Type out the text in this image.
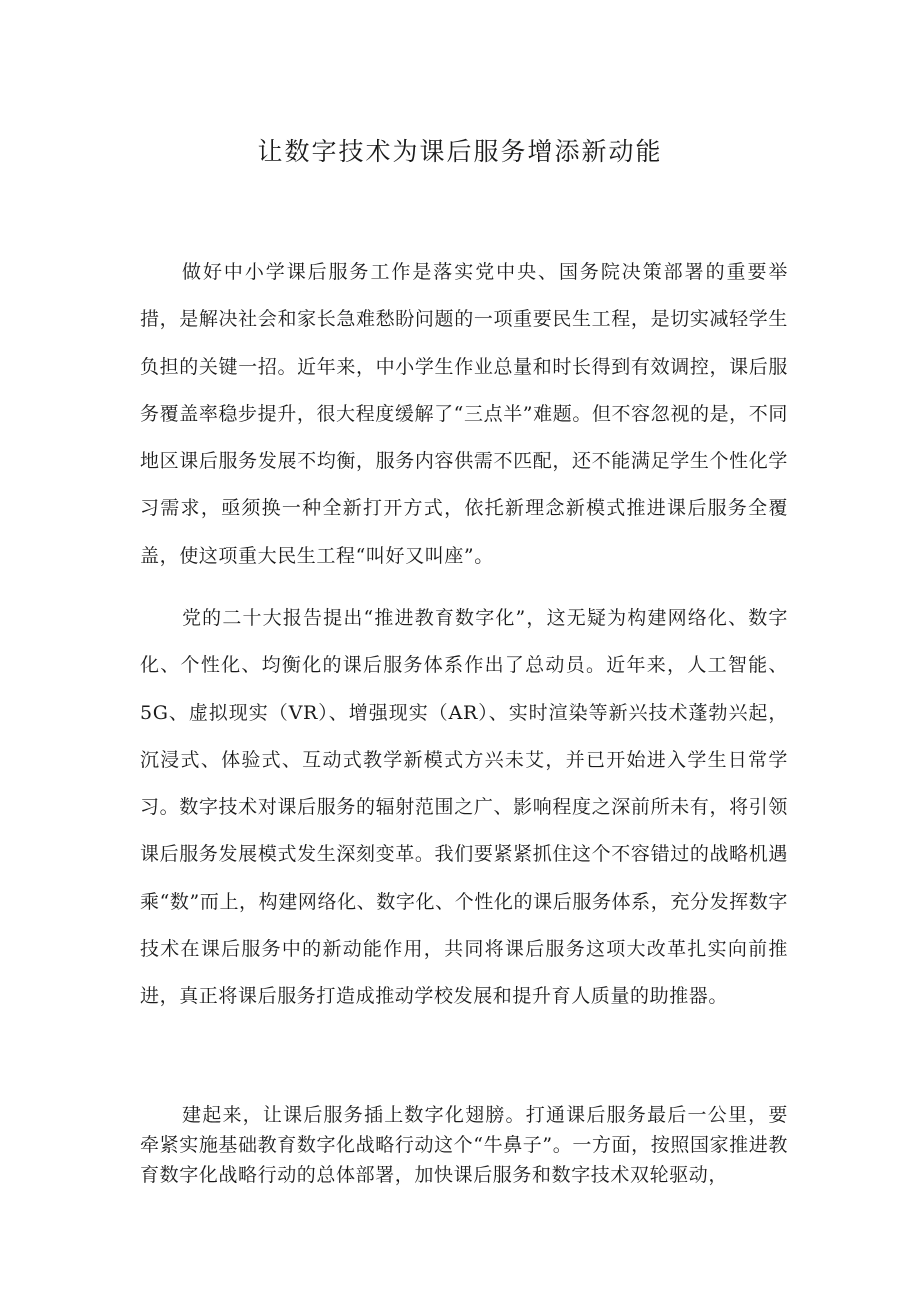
让数字技术为课后服务增添新动能

做好中小学课后服务工作是落实党中央、国务院决策部署的重要举措，是解决社会和家长急难愁盼问题的一项重要民生工程，是切实减轻学生负担的关键一招。近年来，中小学生作业总量和时长得到有效调控，课后服务覆盖率稳步提升，很大程度缓解了“三点半”难题。但不容忽视的是，不同地区课后服务发展不均衡，服务内容供需不匹配，还不能满足学生个性化学习需求，亟须换一种全新打开方式，依托新理念新模式推进课后服务全覆盖，使这项重大民生工程“叫好又叫座”。

党的二十大报告提出“推进教育数字化”，这无疑为构建网络化、数字化、个性化、均衡化的课后服务体系作出了总动员。近年来，人工智能、5G、虚拟现实（VR）、增强现实（AR）、实时渲染等新兴技术蓬勃兴起，沉浸式、体验式、互动式教学新模式方兴未艾，并已开始进入学生日常学习。数字技术对课后服务的辐射范围之广、影响程度之深前所未有，将引领课后服务发展模式发生深刻变革。我们要紧紧抓住这个不容错过的战略机遇乘“数”而上，构建网络化、数字化、个性化的课后服务体系，充分发挥数字技术在课后服务中的新动能作用，共同将课后服务这项大改革扎实向前推进，真正将课后服务打造成推动学校发展和提升育人质量的助推器。

建起来，让课后服务插上数字化翅膀。打通课后服务最后一公里，要牵紧实施基础教育数字化战略行动这个“牛鼻子”。一方面，按照国家推进教育数字化战略行动的总体部署，加快课后服务和数字技术双轮驱动，
